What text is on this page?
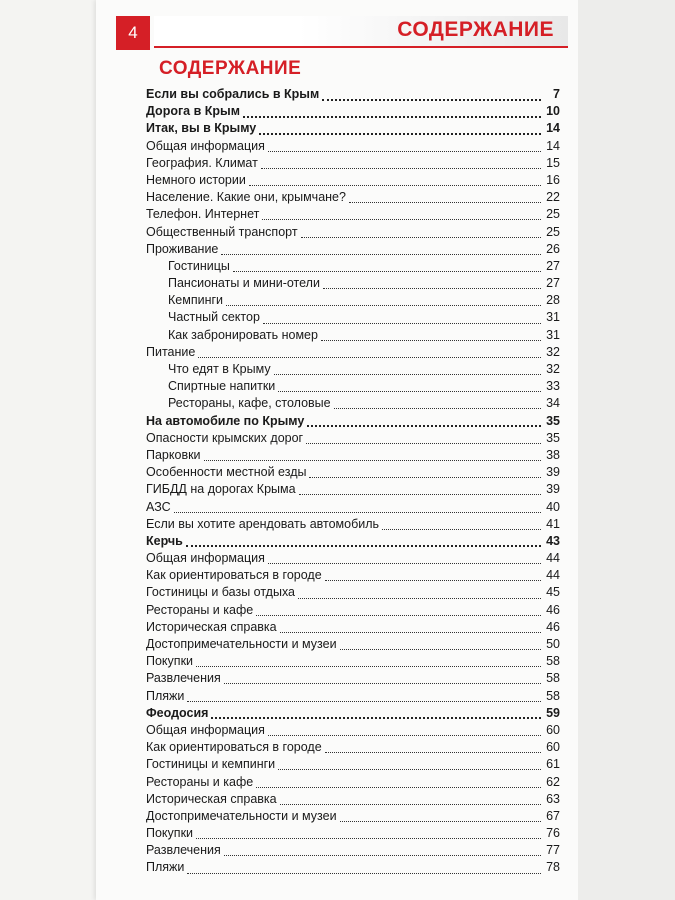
4	СОДЕРЖАНИЕ
СОДЕРЖАНИЕ
Если вы собрались в Крым	7
Дорога в Крым	10
Итак, вы в Крыму	14
Общая информация	14
География. Климат	15
Немного истории	16
Население. Какие они, крымчане?	22
Телефон. Интернет	25
Общественный транспорт	25
Проживание	26
Гостиницы	27
Пансионаты и мини-отели	27
Кемпинги	28
Частный сектор	31
Как забронировать номер	31
Питание	32
Что едят в Крыму	32
Спиртные напитки	33
Рестораны, кафе, столовые	34
На автомобиле по Крыму	35
Опасности крымских дорог	35
Парковки	38
Особенности местной езды	39
ГИБДД на дорогах Крыма	39
АЗС	40
Если вы хотите арендовать автомобиль	41
Керчь	43
Общая информация	44
Как ориентироваться в городе	44
Гостиницы и базы отдыха	45
Рестораны и кафе	46
Историческая справка	46
Достопримечательности и музеи	50
Покупки	58
Развлечения	58
Пляжи	58
Феодосия	59
Общая информация	60
Как ориентироваться в городе	60
Гостиницы и кемпинги	61
Рестораны и кафе	62
Историческая справка	63
Достопримечательности и музеи	67
Покупки	76
Развлечения	77
Пляжи	78
